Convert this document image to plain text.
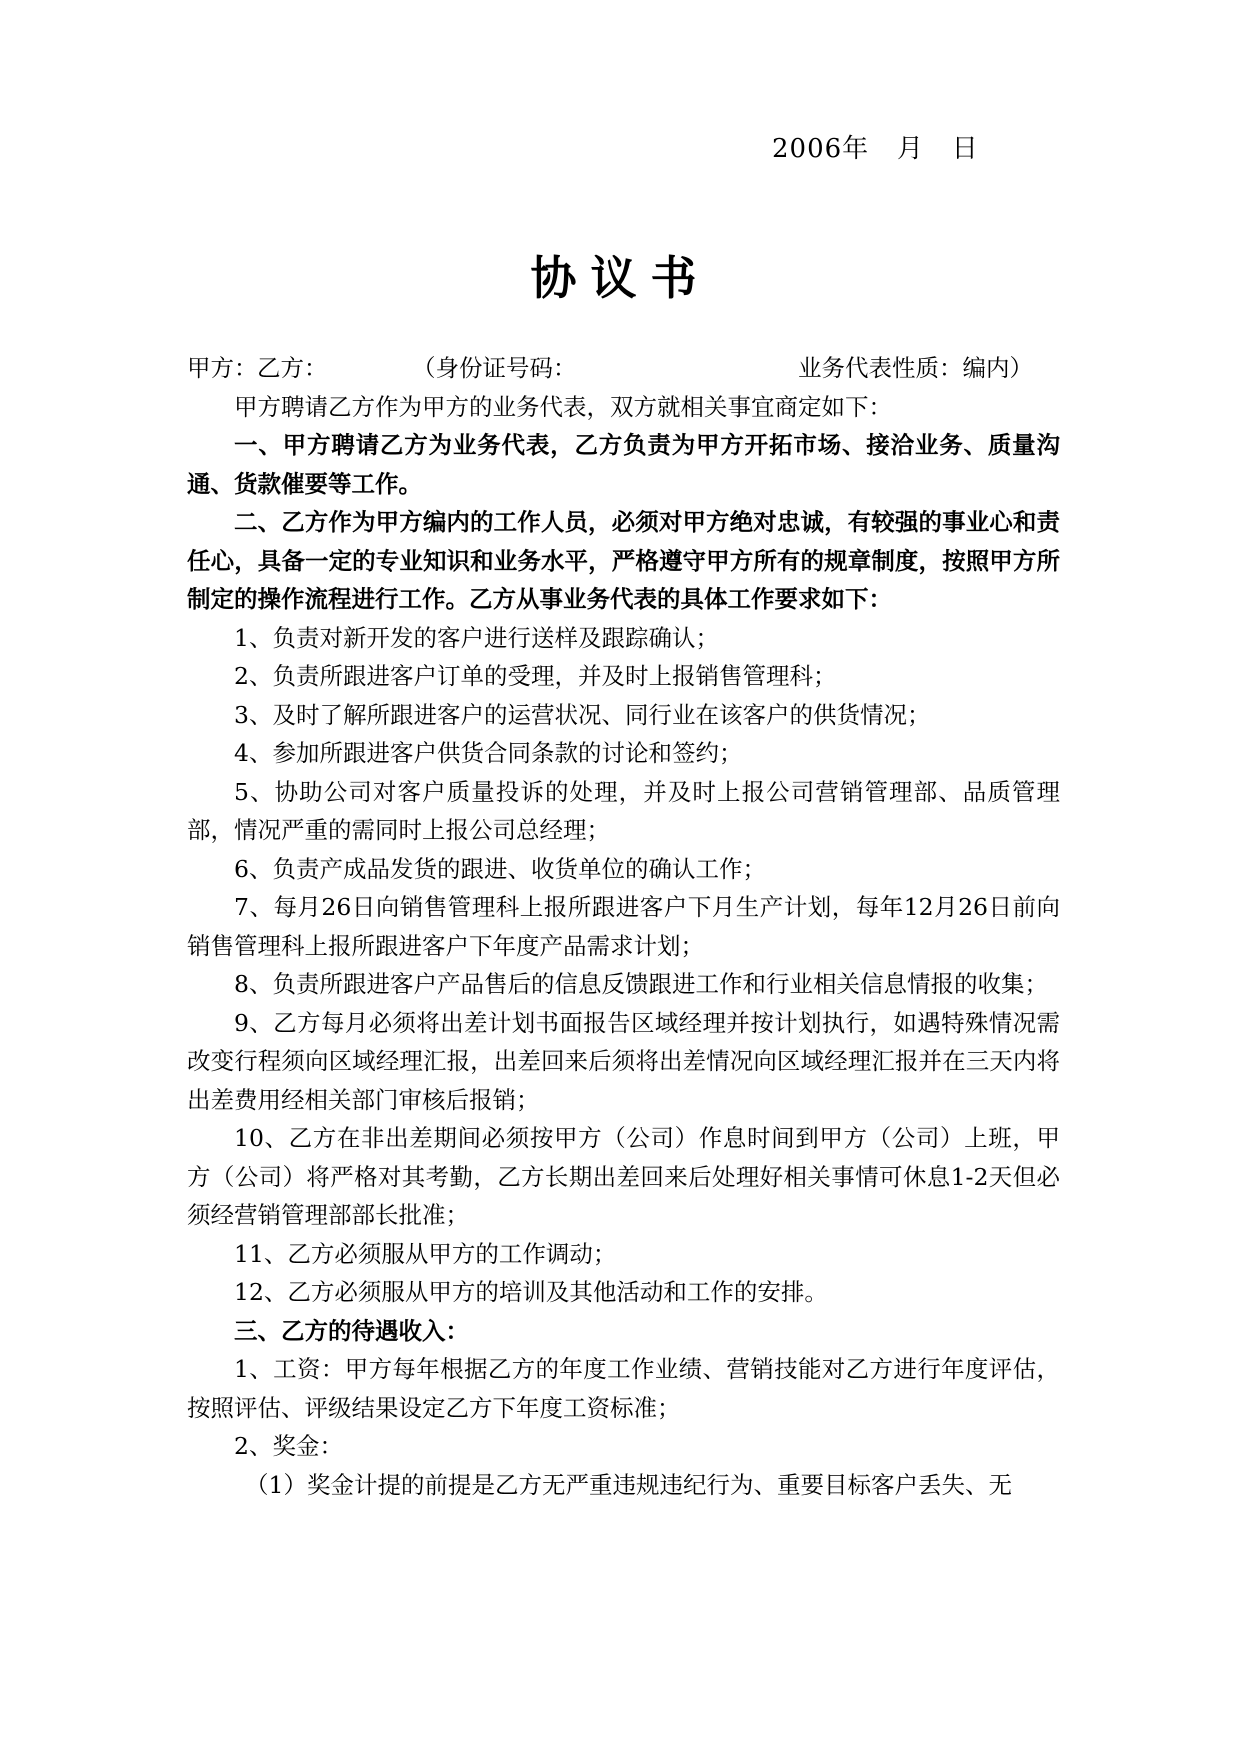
2006年   月   日
协议书

甲方：

乙方：

	（身份证号码：

	业务代表性质：编内）

甲方聘请乙方作为甲方的业务代表，双方就相关事宜商定如下：

一、甲方聘请乙方为业务代表，乙方负责为甲方开拓市场、接洽业务、质量沟通、货款催要等工作。

二、乙方作为甲方编内的工作人员，必须对甲方绝对忠诚，有较强的事业心和责任心，具备一定的专业知识和业务水平，严格遵守甲方所有的规章制度，按照甲方所制定的操作流程进行工作。乙方从事业务代表的具体工作要求如下：

1、负责对新开发的客户进行送样及跟踪确认；

2、负责所跟进客户订单的受理，并及时上报销售管理科；

3、及时了解所跟进客户的运营状况、同行业在该客户的供货情况；

4、参加所跟进客户供货合同条款的讨论和签约；

5、协助公司对客户质量投诉的处理，并及时上报公司营销管理部、品质管理部，情况严重的需同时上报公司总经理；

6、负责产成品发货的跟进、收货单位的确认工作；

7、每月26日向销售管理科上报所跟进客户下月生产计划，每年12月26日前向销售管理科上报所跟进客户下年度产品需求计划；

8、负责所跟进客户产品售后的信息反馈跟进工作和行业相关信息情报的收集；

9、乙方每月必须将出差计划书面报告区域经理并按计划执行，如遇特殊情况需改变行程须向区域经理汇报，出差回来后须将出差情况向区域经理汇报并在三天内将出差费用经相关部门审核后报销；

10、乙方在非出差期间必须按甲方（公司）作息时间到甲方（公司）上班，甲方（公司）将严格对其考勤，乙方长期出差回来后处理好相关事情可休息1-2天但必须经营销管理部部长批准；

11、乙方必须服从甲方的工作调动；

12、乙方必须服从甲方的培训及其他活动和工作的安排。

三、乙方的待遇收入：

1、工资：甲方每年根据乙方的年度工作业绩、营销技能对乙方进行年度评估，按照评估、评级结果设定乙方下年度工资标准；

2、奖金：

（1）奖金计提的前提是乙方无严重违规违纪行为、重要目标客户丢失、无
